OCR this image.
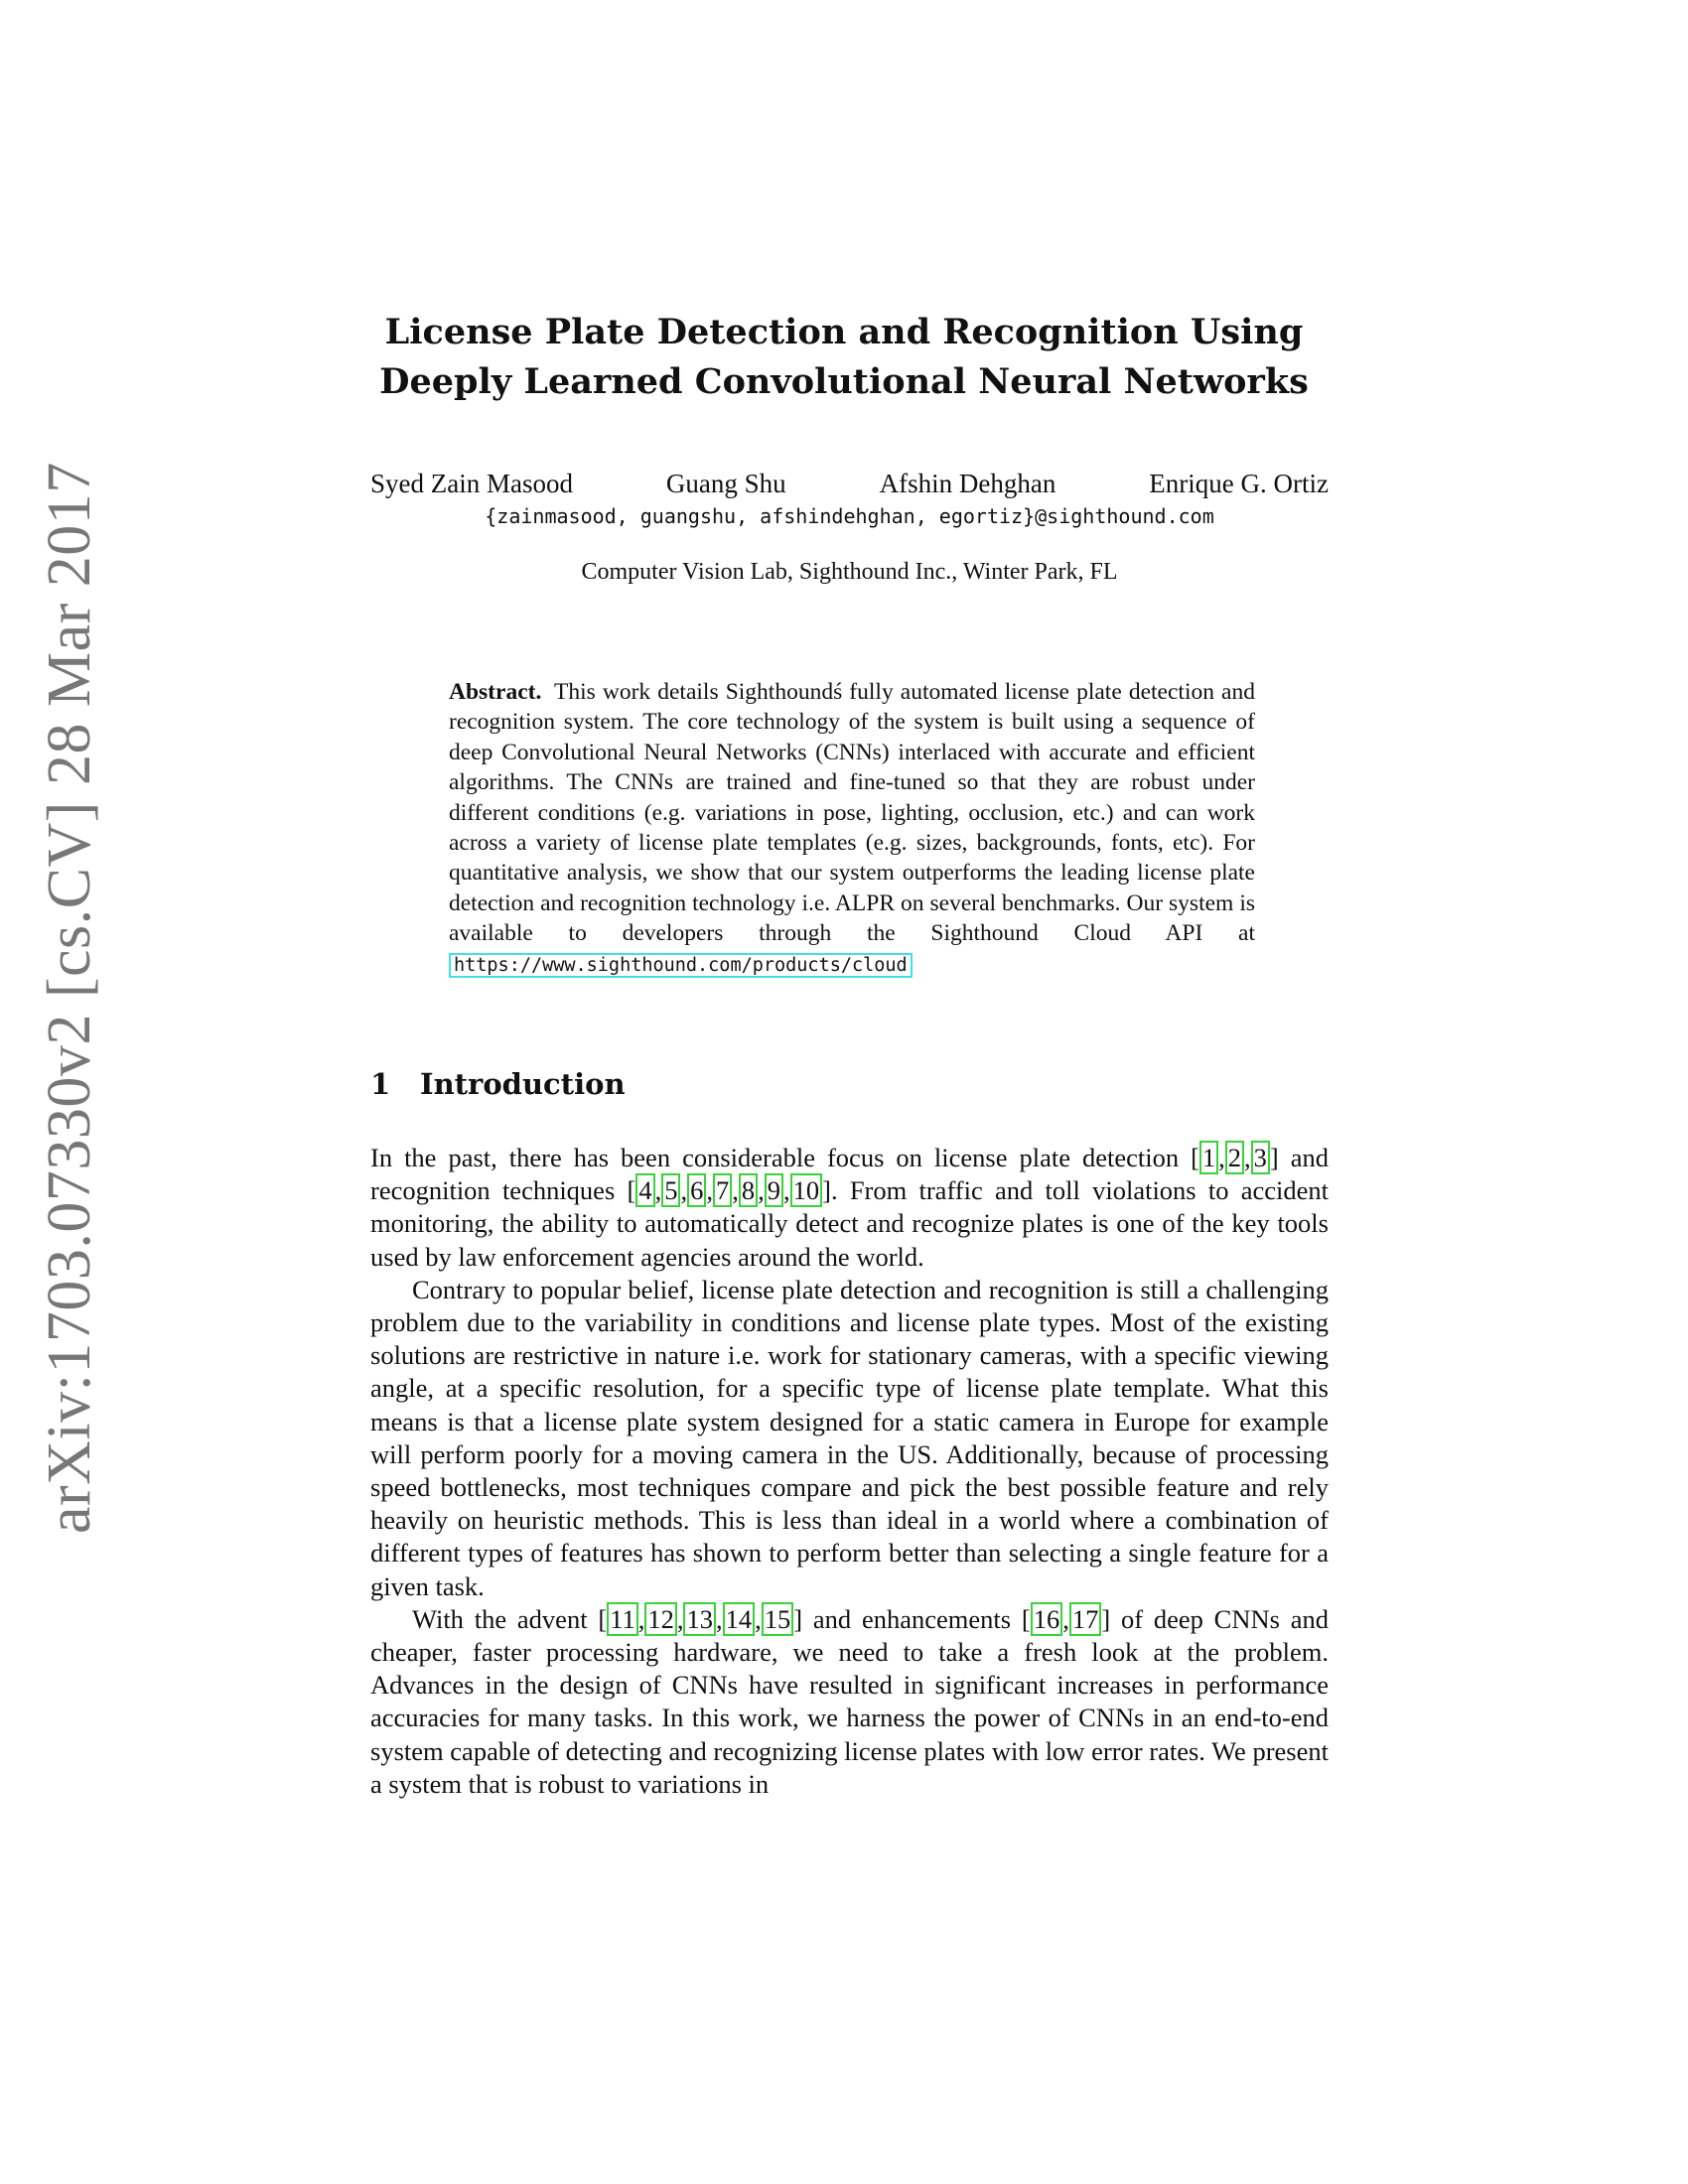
arXiv:1703.07330v2 [cs.CV] 28 Mar 2017
License Plate Detection and Recognition Using
Deeply Learned Convolutional Neural Networks
Syed Zain Masood	Guang Shu	Afshin Dehghan	Enrique G. Ortiz
{zainmasood, guangshu, afshindehghan, egortiz}@sighthound.com
Computer Vision Lab, Sighthound Inc., Winter Park, FL
Abstract. This work details Sighthoundś fully automated license plate detection and recognition system. The core technology of the system is built using a sequence of deep Convolutional Neural Networks (CNNs) interlaced with accurate and efficient algorithms. The CNNs are trained and fine-tuned so that they are robust under different conditions (e.g. variations in pose, lighting, occlusion, etc.) and can work across a variety of license plate templates (e.g. sizes, backgrounds, fonts, etc). For quantitative analysis, we show that our system outperforms the leading license plate detection and recognition technology i.e. ALPR on several benchmarks. Our system is available to developers through the Sighthound Cloud API at https://www.sighthound.com/products/cloud
1 Introduction

In the past, there has been considerable focus on license plate detection [ 1 , 2 , 3 ] and recognition techniques [ 4 , 5 , 6 , 7 , 8 , 9 , 10 ]. From traffic and toll violations to accident monitoring, the ability to automatically detect and recognize plates is one of the key tools used by law enforcement agencies around the world.

Contrary to popular belief, license plate detection and recognition is still a challenging problem due to the variability in conditions and license plate types. Most of the existing solutions are restrictive in nature i.e. work for stationary cameras, with a specific viewing angle, at a specific resolution, for a specific type of license plate template. What this means is that a license plate system designed for a static camera in Europe for example will perform poorly for a moving camera in the US. Additionally, because of processing speed bottlenecks, most techniques compare and pick the best possible feature and rely heavily on heuristic methods. This is less than ideal in a world where a combination of different types of features has shown to perform better than selecting a single feature for a given task.

With the advent [ 11 , 12 , 13 , 14 , 15 ] and enhancements [ 16 , 17 ] of deep CNNs and cheaper, faster processing hardware, we need to take a fresh look at the problem. Advances in the design of CNNs have resulted in significant increases in performance accuracies for many tasks. In this work, we harness the power of CNNs in an end-to-end system capable of detecting and recognizing license plates with low error rates. We present a system that is robust to variations in
